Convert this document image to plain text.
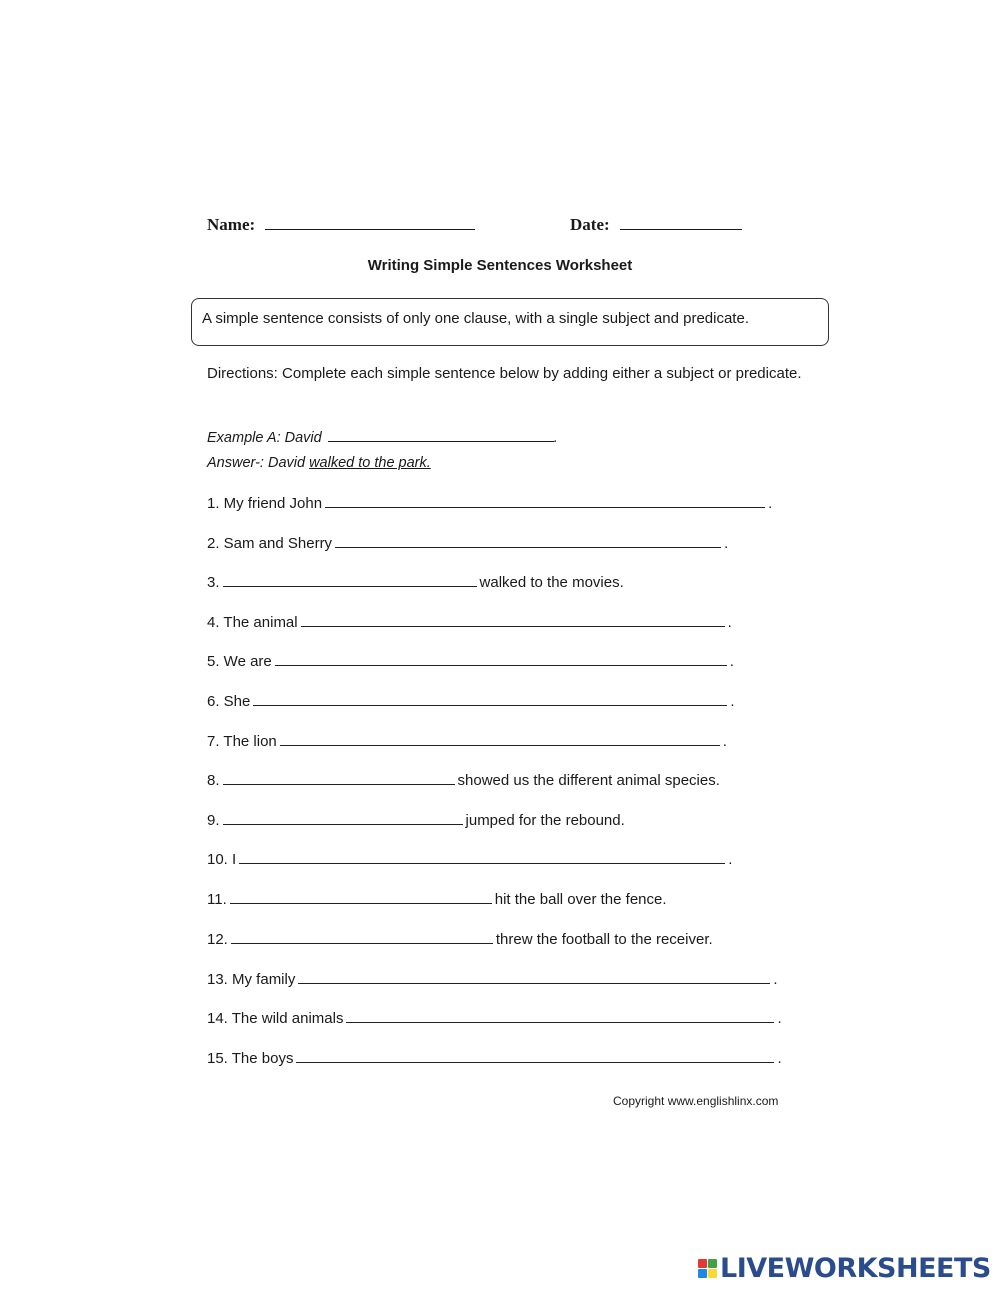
Name:	Date:
Writing Simple Sentences Worksheet
A simple sentence consists of only one clause, with a single subject and predicate.
Directions: Complete each simple sentence below by adding either a subject or predicate.
Example A: David	.
Answer-: David walked to the park.
1. My friend John	.
2. Sam and Sherry	.
3.	walked to the movies.
4. The animal	.
5. We are	.
6. She	.
7. The lion	.
8.	showed us the different animal species.
9.	jumped for the rebound.
10. I	.
11.	hit the ball over the fence.
12.	threw the football to the receiver.
13. My family	.
14. The wild animals	.
15. The boys	.
Copyright www.englishlinx.com
LIVEWORKSHEETS
